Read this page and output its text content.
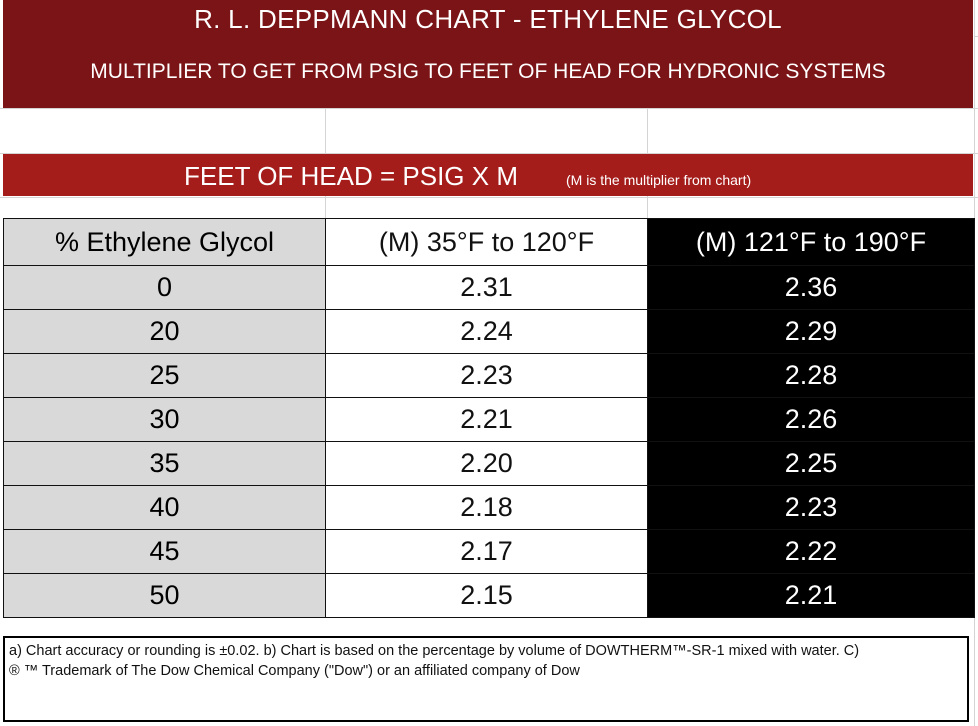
R. L. DEPPMANN CHART - ETHYLENE GLYCOL
MULTIPLIER TO GET FROM PSIG TO FEET OF HEAD FOR HYDRONIC SYSTEMS
FEET OF HEAD = PSIG X M	(M is the multiplier from chart)
% Ethylene Glycol	(M) 35°F to 120°F	(M) 121°F to 190°F
0	2.31	2.36
20	2.24	2.29
25	2.23	2.28
30	2.21	2.26
35	2.20	2.25
40	2.18	2.23
45	2.17	2.22
50	2.15	2.21
a) Chart accuracy or rounding is ±0.02. b) Chart is based on the percentage by volume of DOWTHERM™-SR-1 mixed with water. C)
® ™ Trademark of The Dow Chemical Company ("Dow") or an affiliated company of Dow
